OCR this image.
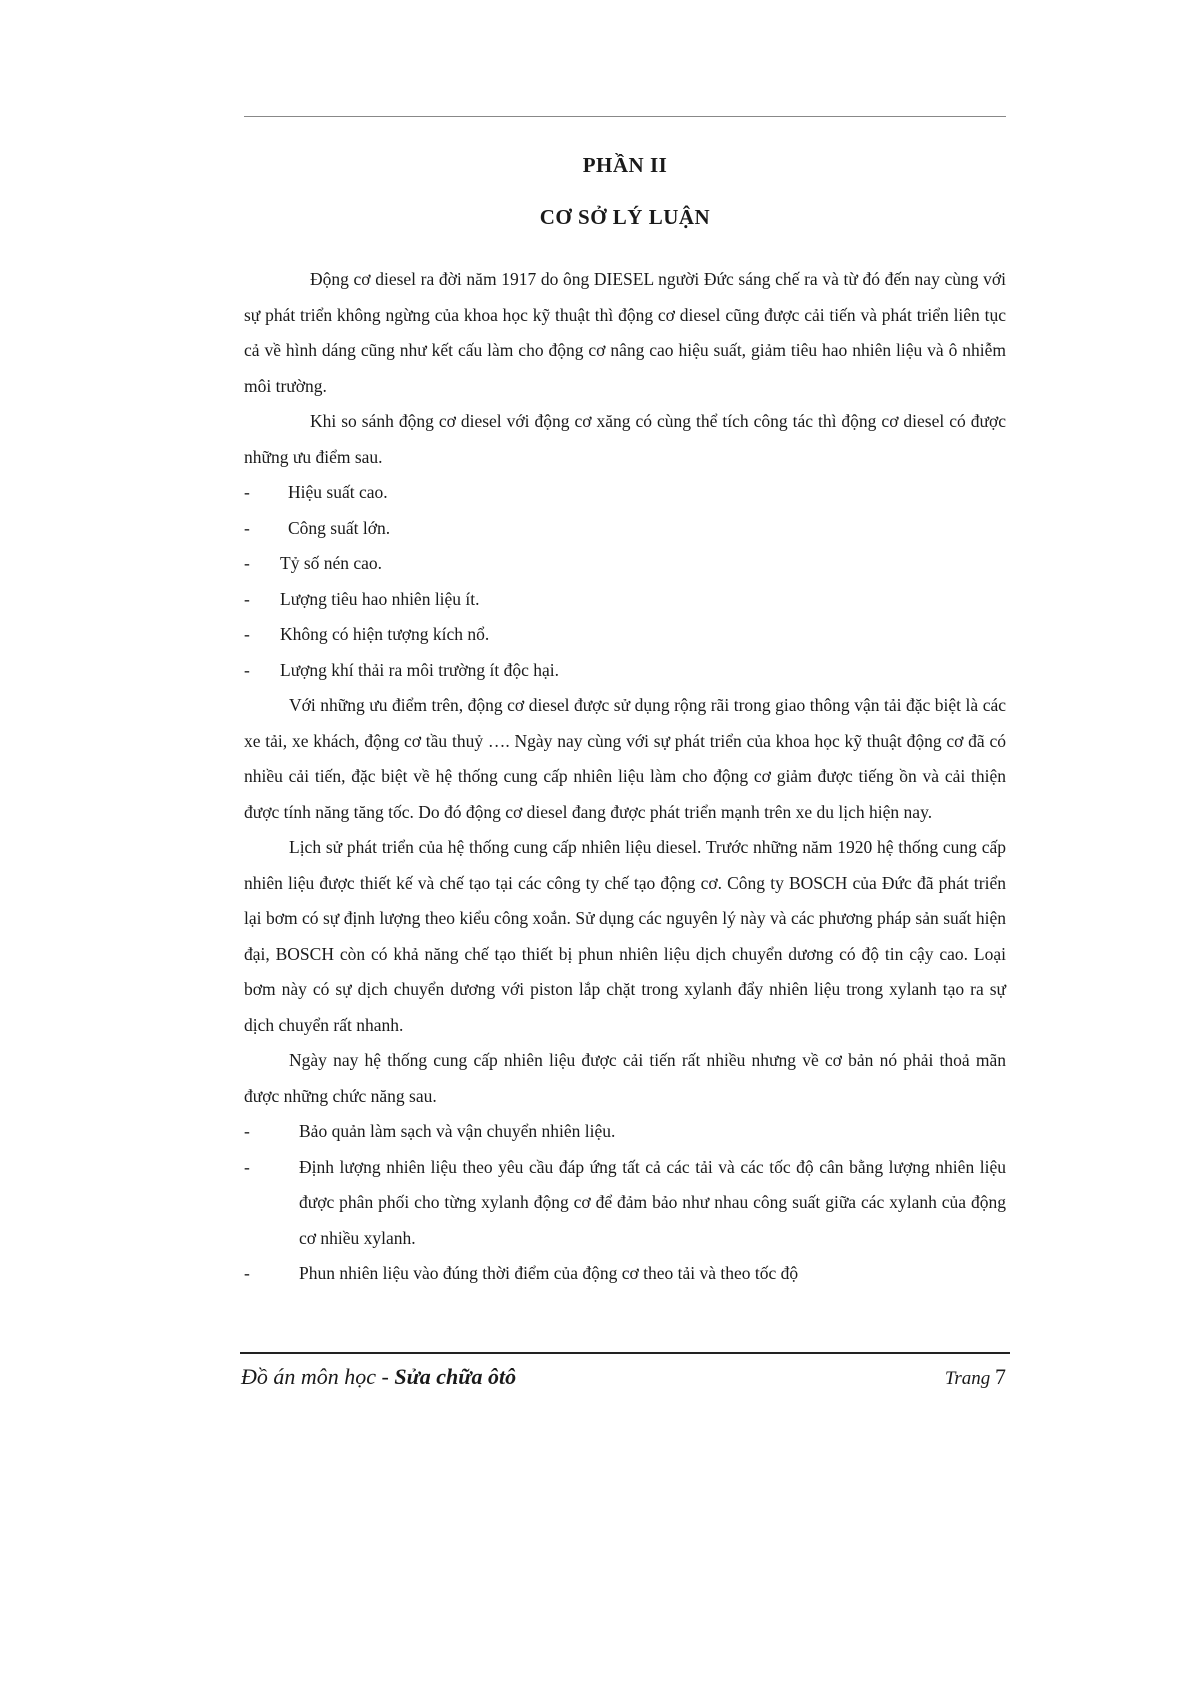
PHẦN II
CƠ SỞ LÝ LUẬN

Động cơ diesel ra đời năm 1917 do ông DIESEL người Đức sáng chế ra và từ đó đến nay cùng với sự phát triển không ngừng của khoa học kỹ thuật thì động cơ diesel cũng được cải tiến và phát triển liên tục cả về hình dáng cũng như kết cấu làm cho động cơ nâng cao hiệu suất, giảm tiêu hao nhiên liệu và ô nhiễm môi trường.

Khi so sánh động cơ diesel với động cơ xăng có cùng thể tích công tác thì động cơ diesel có được những ưu điểm sau.

-	Hiệu suất cao.
-	Công suất lớn.
-	Tỷ số nén cao.
-	Lượng tiêu hao nhiên liệu ít.
-	Không có hiện tượng kích nổ.
-	Lượng khí thải ra môi trường ít độc hại.

Với những ưu điểm trên, động cơ diesel được sử dụng rộng rãi trong giao thông vận tải đặc biệt là các xe tải, xe khách, động cơ tầu thuỷ …. Ngày nay cùng với sự phát triển của khoa học kỹ thuật động cơ đã có nhiều cải tiến, đặc biệt về hệ thống cung cấp nhiên liệu làm cho động cơ giảm được tiếng ồn và cải thiện được tính năng tăng tốc. Do đó động cơ diesel đang được phát triển mạnh trên xe du lịch hiện nay.

Lịch sử phát triển của hệ thống cung cấp nhiên liệu diesel. Trước những năm 1920 hệ thống cung cấp nhiên liệu được thiết kế và chế tạo tại các công ty chế tạo động cơ. Công ty BOSCH của Đức đã phát triển lại bơm có sự định lượng theo kiểu công xoắn. Sử dụng các nguyên lý này và các phương pháp sản suất hiện đại, BOSCH còn có khả năng chế tạo thiết bị phun nhiên liệu dịch chuyển dương có độ tin cậy cao. Loại bơm này có sự dịch chuyển dương với piston lắp chặt trong xylanh đẩy nhiên liệu trong xylanh tạo ra sự dịch chuyển rất nhanh.

Ngày nay hệ thống cung cấp nhiên liệu được cải tiến rất nhiều nhưng về cơ bản nó phải thoả mãn được những chức năng sau.

-	Bảo quản làm sạch và vận chuyển nhiên liệu.
-	Định lượng nhiên liệu theo yêu cầu đáp ứng tất cả các tải và các tốc độ cân bằng lượng nhiên liệu được phân phối cho từng xylanh động cơ để đảm bảo như nhau công suất giữa các xylanh của động cơ nhiều xylanh.
-	Phun nhiên liệu vào đúng thời điểm của động cơ theo tải và theo tốc độ
Đồ án môn học - Sửa chữa ôtô	Trang 7
